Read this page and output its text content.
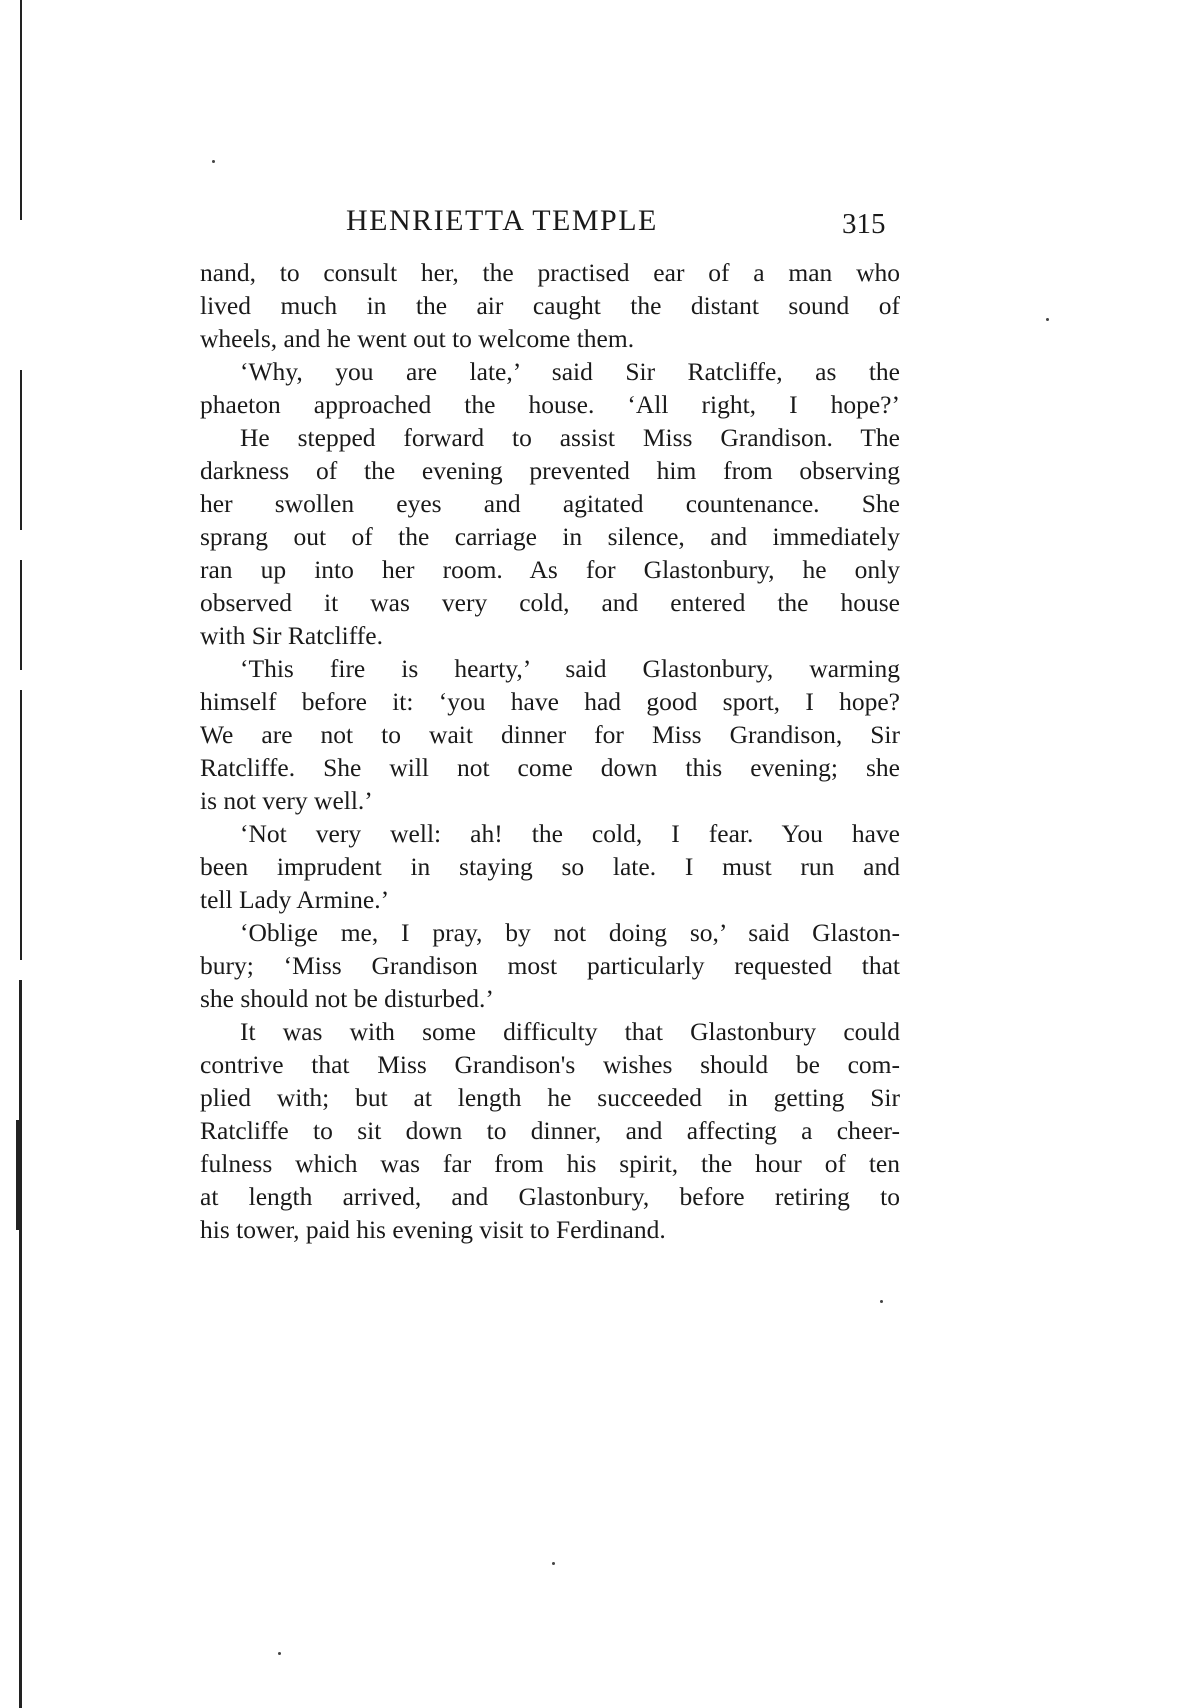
HENRIETTA TEMPLE	315

nand, to consult her, the practised ear of a man who
lived much in the air caught the distant sound of
wheels, and he went out to welcome them.

‘Why, you are late,’ said Sir Ratcliffe, as the
phaeton approached the house. ‘All right, I hope?’

He stepped forward to assist Miss Grandison. The
darkness of the evening prevented him from observing
her swollen eyes and agitated countenance. She
sprang out of the carriage in silence, and immediately
ran up into her room. As for Glastonbury, he only
observed it was very cold, and entered the house
with Sir Ratcliffe.

‘This fire is hearty,’ said Glastonbury, warming
himself before it: ‘you have had good sport, I hope?
We are not to wait dinner for Miss Grandison, Sir
Ratcliffe. She will not come down this evening; she
is not very well.’

‘Not very well: ah! the cold, I fear. You have
been imprudent in staying so late. I must run and
tell Lady Armine.’

‘Oblige me, I pray, by not doing so,’ said Glaston-
bury; ‘Miss Grandison most particularly requested that
she should not be disturbed.’

It was with some difficulty that Glastonbury could
contrive that Miss Grandison's wishes should be com-
plied with; but at length he succeeded in getting Sir
Ratcliffe to sit down to dinner, and affecting a cheer-
fulness which was far from his spirit, the hour of ten
at length arrived, and Glastonbury, before retiring to
his tower, paid his evening visit to Ferdinand.
